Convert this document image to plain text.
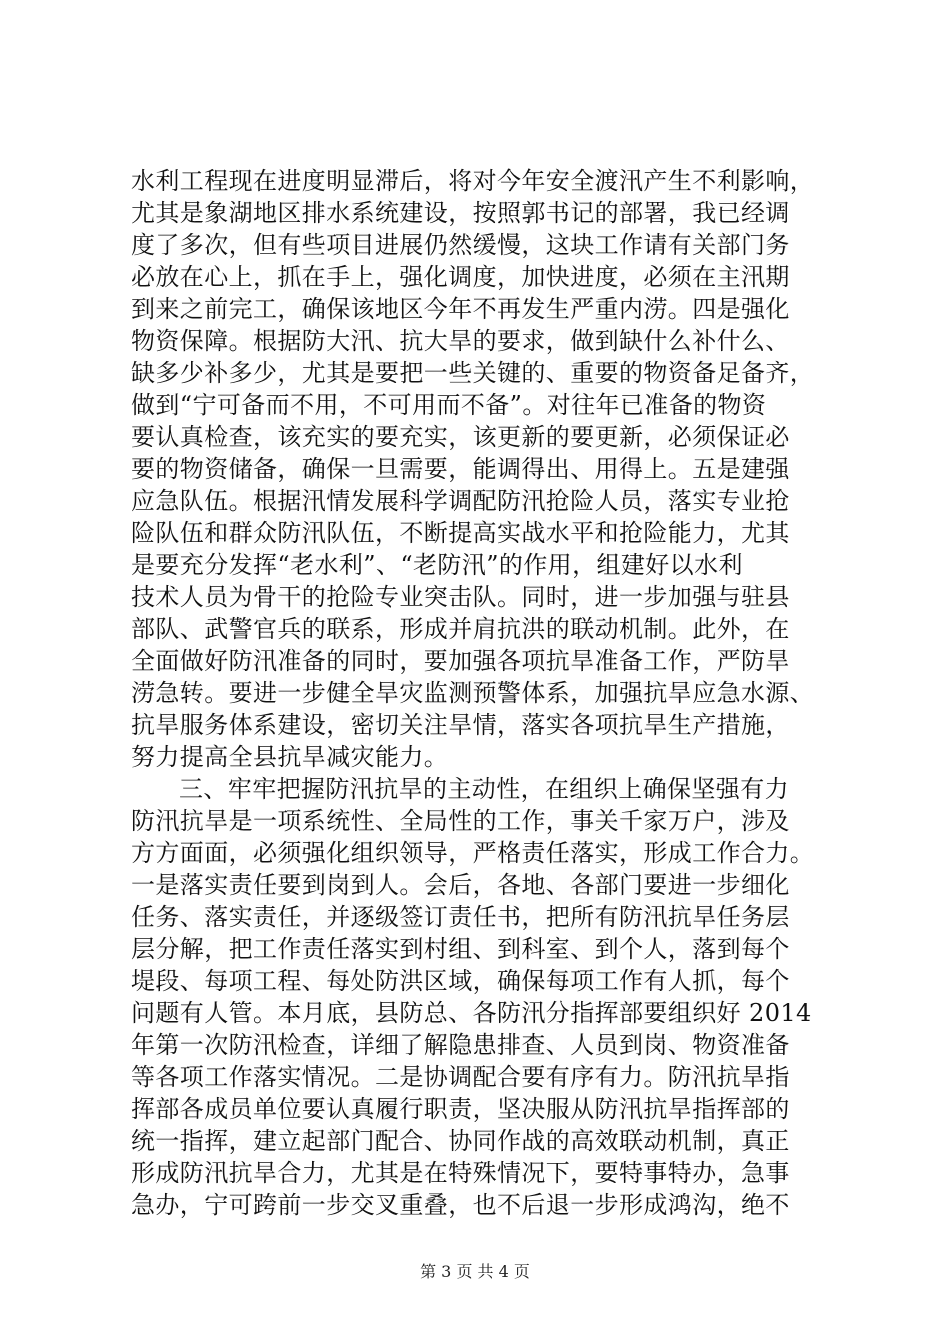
水利工程现在进度明显滞后，将对今年安全渡汛产生不利影响，
尤其是象湖地区排水系统建设，按照郭书记的部署，我已经调
度了多次，但有些项目进展仍然缓慢，这块工作请有关部门务
必放在心上，抓在手上，强化调度，加快进度，必须在主汛期
到来之前完工，确保该地区今年不再发生严重内涝。四是强化
物资保障。根据防大汛、抗大旱的要求，做到缺什么补什么、
缺多少补多少，尤其是要把一些关键的、重要的物资备足备齐，
做到“宁可备而不用，不可用而不备”。对往年已准备的物资
要认真检查，该充实的要充实，该更新的要更新，必须保证必
要的物资储备，确保一旦需要，能调得出、用得上。五是建强
应急队伍。根据汛情发展科学调配防汛抢险人员，落实专业抢
险队伍和群众防汛队伍，不断提高实战水平和抢险能力，尤其
是要充分发挥“老水利”、“老防汛”的作用，组建好以水利
技术人员为骨干的抢险专业突击队。同时，进一步加强与驻县
部队、武警官兵的联系，形成并肩抗洪的联动机制。此外，在
全面做好防汛准备的同时，要加强各项抗旱准备工作，严防旱
涝急转。要进一步健全旱灾监测预警体系，加强抗旱应急水源、
抗旱服务体系建设，密切关注旱情，落实各项抗旱生产措施，
努力提高全县抗旱减灾能力。
三、牢牢把握防汛抗旱的主动性，在组织上确保坚强有力
防汛抗旱是一项系统性、全局性的工作，事关千家万户，涉及
方方面面，必须强化组织领导，严格责任落实，形成工作合力。
一是落实责任要到岗到人。会后，各地、各部门要进一步细化
任务、落实责任，并逐级签订责任书，把所有防汛抗旱任务层
层分解，把工作责任落实到村组、到科室、到个人，落到每个
堤段、每项工程、每处防洪区域，确保每项工作有人抓，每个
问题有人管。本月底，县防总、各防汛分指挥部要组织好 2014
年第一次防汛检查，详细了解隐患排查、人员到岗、物资准备
等各项工作落实情况。二是协调配合要有序有力。防汛抗旱指
挥部各成员单位要认真履行职责，坚决服从防汛抗旱指挥部的
统一指挥，建立起部门配合、协同作战的高效联动机制，真正
形成防汛抗旱合力，尤其是在特殊情况下，要特事特办，急事
急办，宁可跨前一步交叉重叠，也不后退一步形成鸿沟，绝不
第 3 页 共 4 页
